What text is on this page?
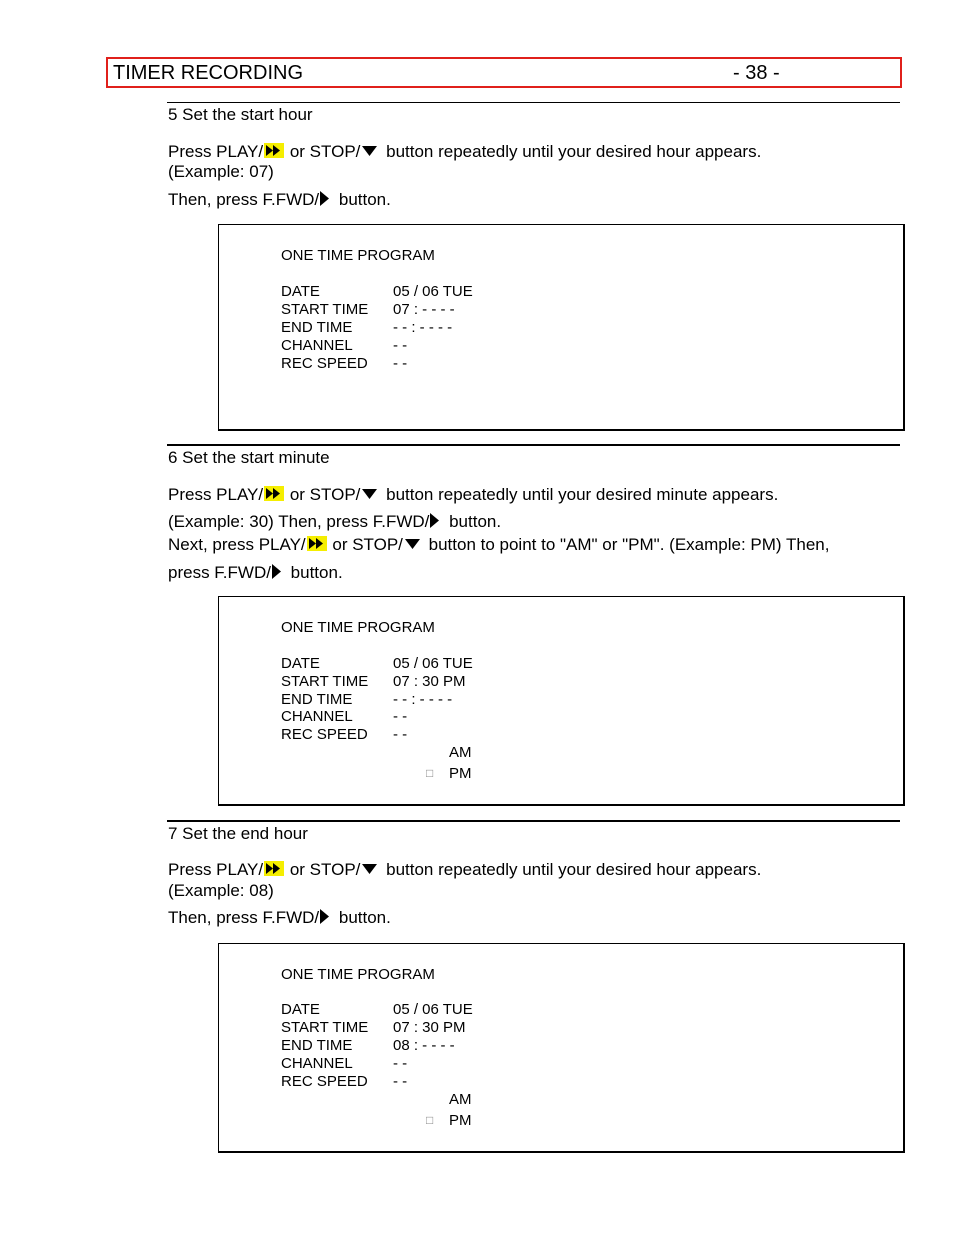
TIMER RECORDING	- 38 -
5 Set the start hour
Press PLAY/
or STOP/ button repeatedly until your desired hour appears.
(Example: 07)
Then, press F.FWD/ button.
ONE TIME PROGRAM
DATE	05 / 06 TUE
START TIME 07 : - - - -
END TIME	- - : - - - -
CHANNEL	- -
REC SPEED - -
6 Set the start minute
Press PLAY/
or STOP/ button repeatedly until your desired minute appears.
(Example: 30) Then, press F.FWD/ button.
Next, press PLAY/
or STOP/ button to point to "AM" or "PM". (Example: PM) Then,
press F.FWD/ button.
ONE TIME PROGRAM
DATE	05 / 06 TUE
START TIME 07 : 30 PM
END TIME	- - : - - - -
CHANNEL	- -
REC SPEED - -
AM
□ PM
7 Set the end hour
Press PLAY/
or STOP/ button repeatedly until your desired hour appears.
(Example: 08)
Then, press F.FWD/ button.
ONE TIME PROGRAM
DATE	05 / 06 TUE
START TIME 07 : 30 PM
END TIME	08 : - - - -
CHANNEL	- -
REC SPEED - -
AM
□ PM
